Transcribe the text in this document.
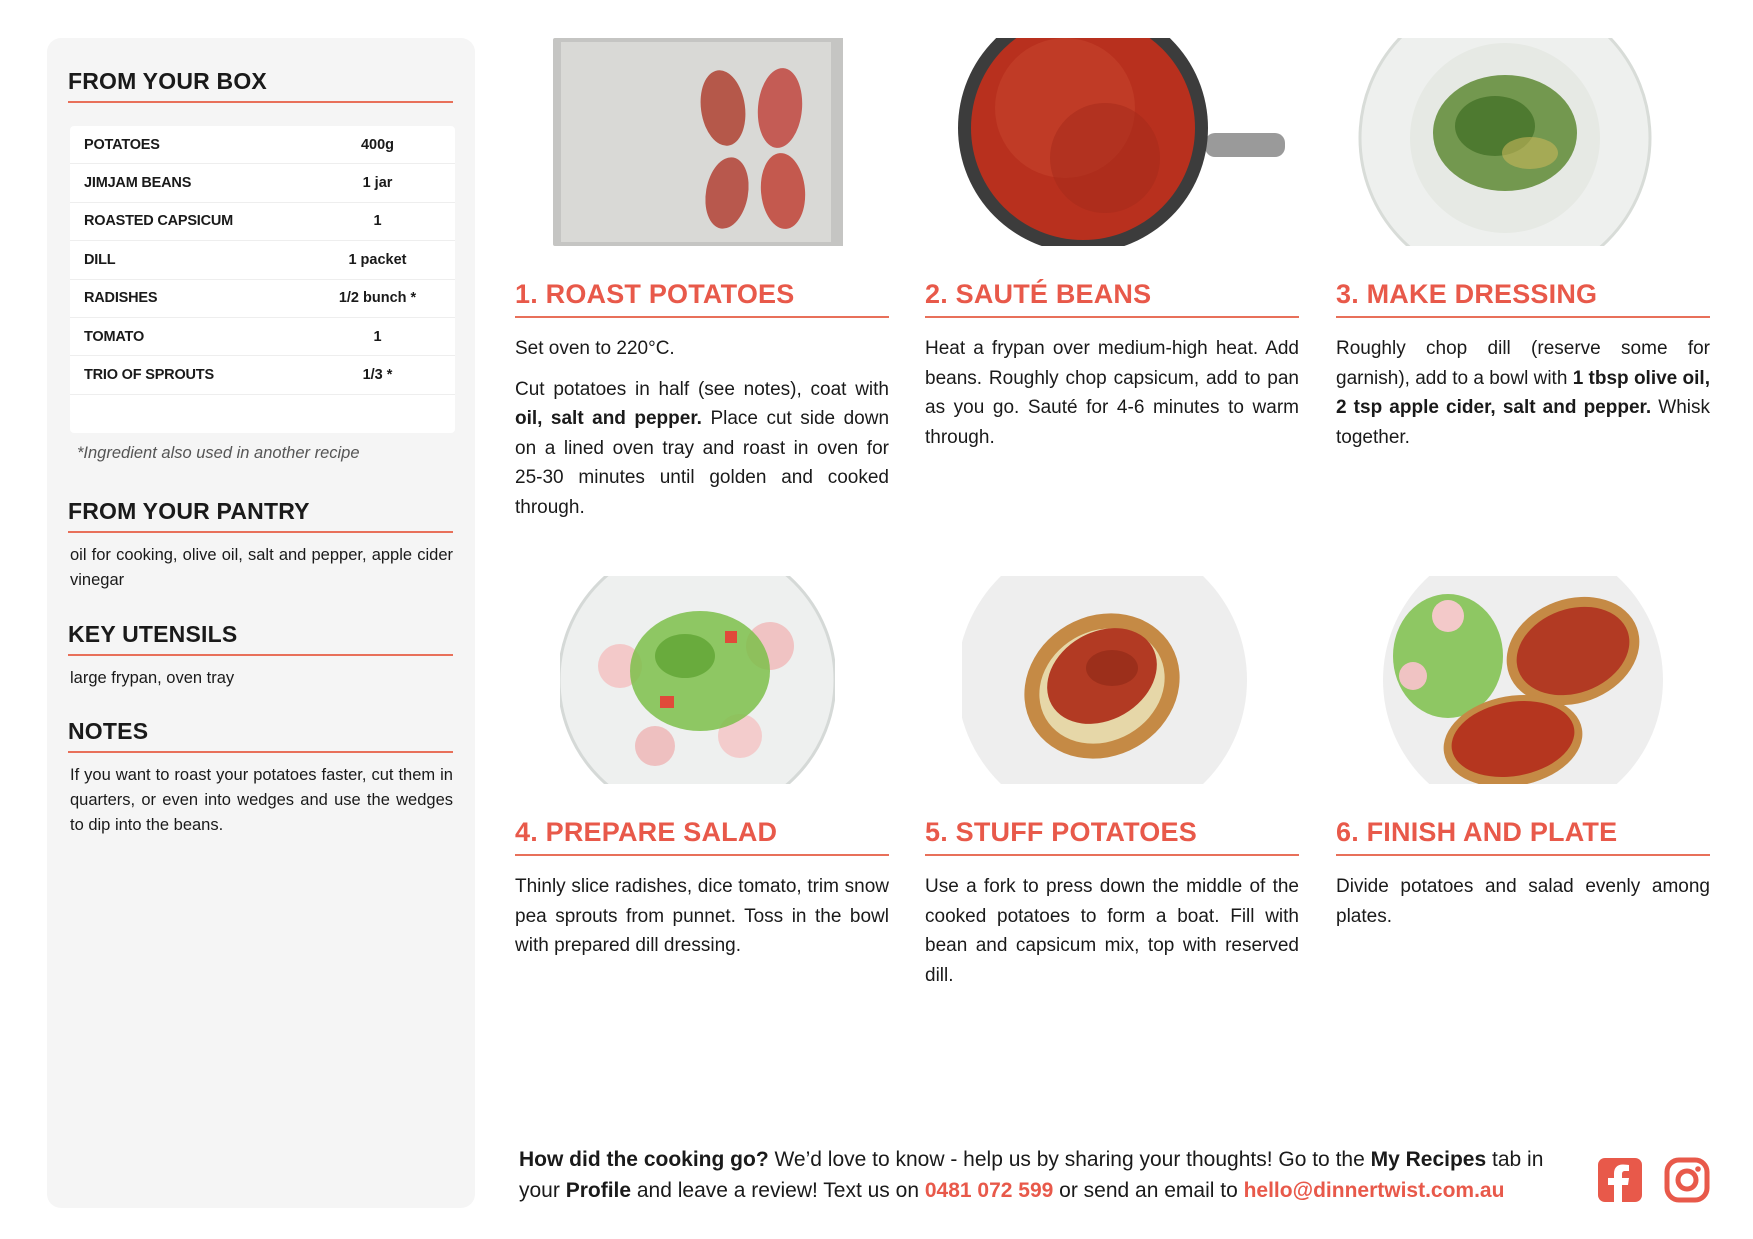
FROM YOUR BOX
POTATOES	400g
JIMJAM BEANS	1 jar
ROASTED CAPSICUM	1
DILL	1 packet
RADISHES	1/2 bunch *
TOMATO	1
TRIO OF SPROUTS	1/3 *
*Ingredient also used in another recipe
FROM YOUR PANTRY
oil for cooking, olive oil, salt and pepper, apple cider vinegar
KEY UTENSILS
large frypan, oven tray
NOTES
If you want to roast your potatoes faster, cut them in quarters, or even into wedges and use the wedges to dip into the beans.
1. ROAST POTATOES

Set oven to 220°C.

Cut potatoes in half (see notes), coat with oil, salt and pepper. Place cut side down on a lined oven tray and roast in oven for 25-30 minutes until golden and cooked through.

2. SAUTÉ BEANS

Heat a frypan over medium-high heat. Add beans. Roughly chop capsicum, add to pan as you go. Sauté for 4-6 minutes to warm through.

3. MAKE DRESSING

Roughly chop dill (reserve some for garnish), add to a bowl with 1 tbsp olive oil, 2 tsp apple cider, salt and pepper. Whisk together.

4. PREPARE SALAD

Thinly slice radishes, dice tomato, trim snow pea sprouts from punnet. Toss in the bowl with prepared dill dressing.

5. STUFF POTATOES

Use a fork to press down the middle of the cooked potatoes to form a boat. Fill with bean and capsicum mix, top with reserved dill.

6. FINISH AND PLATE

Divide potatoes and salad evenly among plates.

How did the cooking go? We’d love to know - help us by sharing your thoughts! Go to the My Recipes tab in your Profile and leave a review! Text us on 0481 072 599 or send an email to hello@dinnertwist.com.au
